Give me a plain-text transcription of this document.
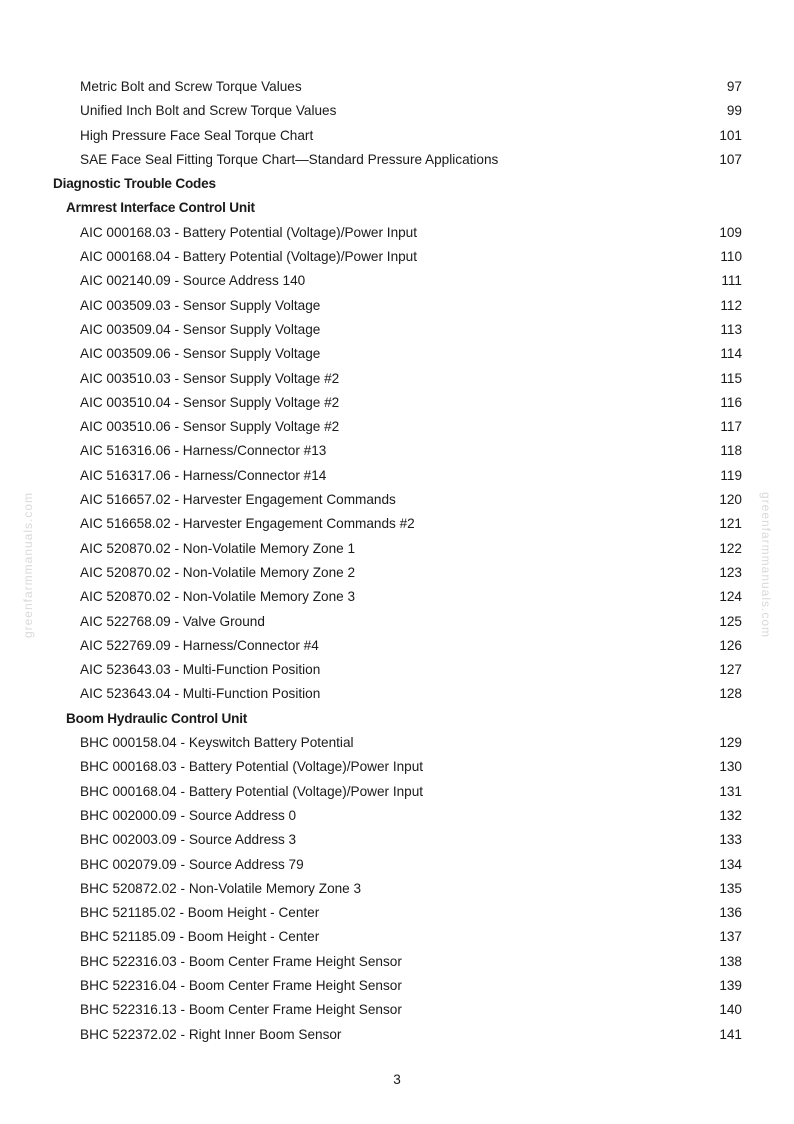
greenfarmmanuals.com	greenfarmmanuals.com
Metric Bolt and Screw Torque Values	97
Unified Inch Bolt and Screw Torque Values	99
High Pressure Face Seal Torque Chart	101
SAE Face Seal Fitting Torque Chart—Standard Pressure Applications	107
Diagnostic Trouble Codes
Armrest Interface Control Unit
AIC 000168.03 - Battery Potential (Voltage)/Power Input	109
AIC 000168.04 - Battery Potential (Voltage)/Power Input	110
AIC 002140.09 - Source Address 140	111
AIC 003509.03 - Sensor Supply Voltage	112
AIC 003509.04 - Sensor Supply Voltage	113
AIC 003509.06 - Sensor Supply Voltage	114
AIC 003510.03 - Sensor Supply Voltage #2	115
AIC 003510.04 - Sensor Supply Voltage #2	116
AIC 003510.06 - Sensor Supply Voltage #2	117
AIC 516316.06 - Harness/Connector #13	118
AIC 516317.06 - Harness/Connector #14	119
AIC 516657.02 - Harvester Engagement Commands	120
AIC 516658.02 - Harvester Engagement Commands #2	121
AIC 520870.02 - Non-Volatile Memory Zone 1	122
AIC 520870.02 - Non-Volatile Memory Zone 2	123
AIC 520870.02 - Non-Volatile Memory Zone 3	124
AIC 522768.09 - Valve Ground	125
AIC 522769.09 - Harness/Connector #4	126
AIC 523643.03 - Multi-Function Position	127
AIC 523643.04 - Multi-Function Position	128
Boom Hydraulic Control Unit
BHC 000158.04 - Keyswitch Battery Potential	129
BHC 000168.03 - Battery Potential (Voltage)/Power Input	130
BHC 000168.04 - Battery Potential (Voltage)/Power Input	131
BHC 002000.09 - Source Address 0	132
BHC 002003.09 - Source Address 3	133
BHC 002079.09 - Source Address 79	134
BHC 520872.02 - Non-Volatile Memory Zone 3	135
BHC 521185.02 - Boom Height - Center	136
BHC 521185.09 - Boom Height - Center	137
BHC 522316.03 - Boom Center Frame Height Sensor	138
BHC 522316.04 - Boom Center Frame Height Sensor	139
BHC 522316.13 - Boom Center Frame Height Sensor	140
BHC 522372.02 - Right Inner Boom Sensor	141
3
